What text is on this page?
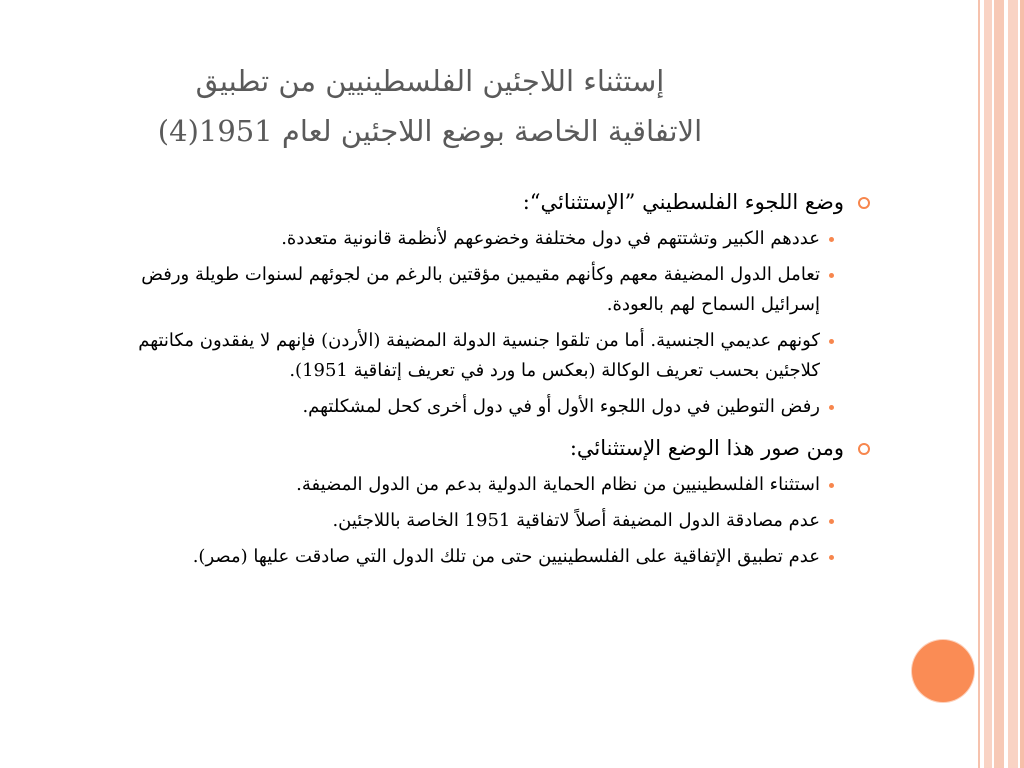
إستثناء اللاجئين الفلسطينيين من تطبيق
الاتفاقية الخاصة بوضع اللاجئين لعام 1951(4)
وضع اللجوء الفلسطيني ”الإستثنائي“:
عددهم الكبير وتشتتهم في دول مختلفة وخضوعهم لأنظمة قانونية متعددة.
تعامل الدول المضيفة معهم وكأنهم مقيمين مؤقتين بالرغم من لجوئهم لسنوات طويلة ورفض إسرائيل السماح لهم بالعودة.
كونهم عديمي الجنسية. أما من تلقوا جنسية الدولة المضيفة (الأردن) فإنهم لا يفقدون مكانتهم كلاجئين بحسب تعريف الوكالة (بعكس ما ورد في تعريف إتفاقية 1951).
رفض التوطين في دول اللجوء الأول أو في دول أخرى كحل لمشكلتهم.
ومن صور هذا الوضع الإستثنائي:
استثناء الفلسطينيين من نظام الحماية الدولية بدعم من الدول المضيفة.
عدم مصادقة الدول المضيفة أصلاً لاتفاقية 1951 الخاصة باللاجئين.
عدم تطبيق الإتفاقية على الفلسطينيين حتى من تلك الدول التي صادقت عليها (مصر).
